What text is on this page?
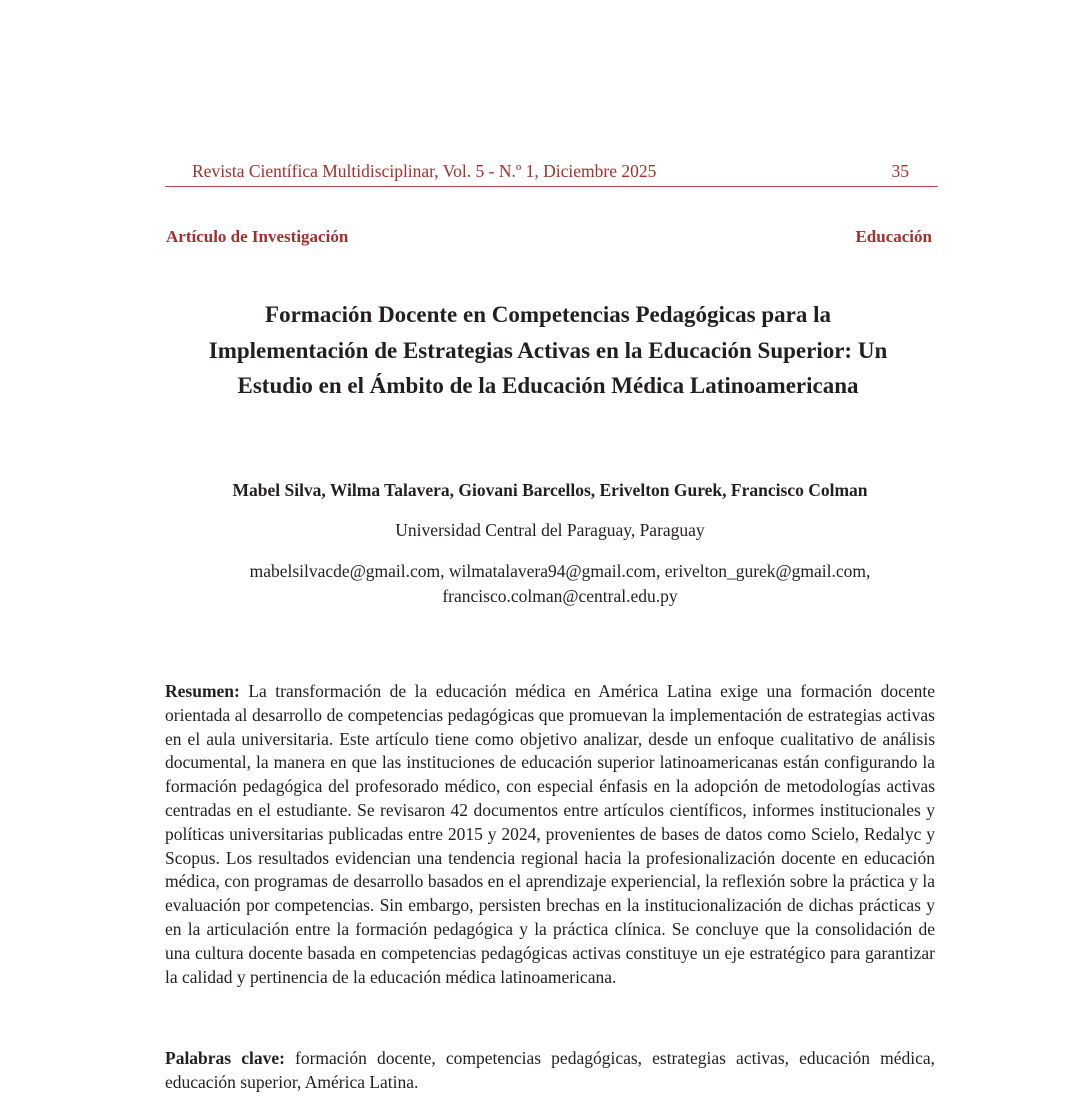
Revista Científica Multidisciplinar, Vol. 5 - N.º 1, Diciembre 2025	35
Artículo de Investigación	Educación
Formación Docente en Competencias Pedagógicas para la Implementación de Estrategias Activas en la Educación Superior: Un Estudio en el Ámbito de la Educación Médica Latinoamericana
Mabel Silva, Wilma Talavera, Giovani Barcellos, Erivelton Gurek, Francisco Colman
Universidad Central del Paraguay, Paraguay
mabelsilvacde@gmail.com, wilmatalavera94@gmail.com, erivelton_gurek@gmail.com,
francisco.colman@central.edu.py

Resumen: La transformación de la educación médica en América Latina exige una formación docente orientada al desarrollo de competencias pedagógicas que promuevan la implementación de estrategias activas en el aula universitaria. Este artículo tiene como objetivo analizar, desde un enfoque cualitativo de análisis documental, la manera en que las instituciones de educación superior latinoamericanas están configurando la formación pedagógica del profesorado médico, con especial énfasis en la adopción de metodologías activas centradas en el estudiante. Se revisaron 42 documentos entre artículos científicos, informes institucionales y políticas universitarias publicadas entre 2015 y 2024, provenientes de bases de datos como Scielo, Redalyc y Scopus. Los resultados evidencian una tendencia regional hacia la profesionalización docente en educación médica, con programas de desarrollo basados en el aprendizaje experiencial, la reflexión sobre la práctica y la evaluación por competencias. Sin embargo, persisten brechas en la institucionalización de dichas prácticas y en la articulación entre la formación pedagógica y la práctica clínica. Se concluye que la consolidación de una cultura docente basada en competencias pedagógicas activas constituye un eje estratégico para garantizar la calidad y pertinencia de la educación médica latinoamericana.

Palabras clave: formación docente, competencias pedagógicas, estrategias activas, educación médica, educación superior, América Latina.
